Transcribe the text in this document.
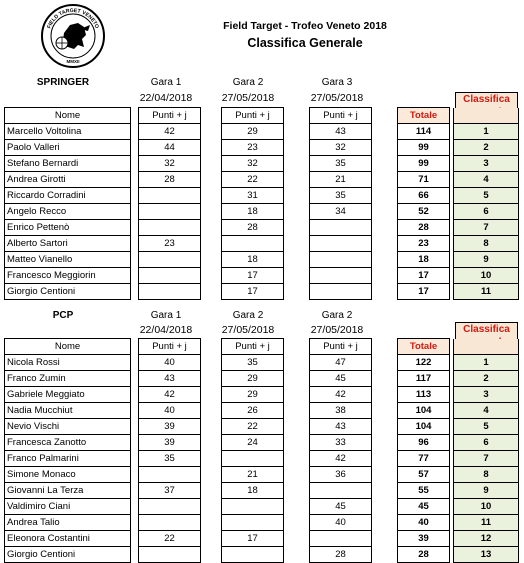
FIELD TARGET VENETO
MMXII
Field Target - Trofeo Veneto 2018
Classifica Generale
SPRINGER	Gara 1	Gara 2	Gara 3
22/04/2018	27/05/2018	27/05/2018	Classifica
Nome		Punti + j		Punti + j		Punti + j		Totale		
Marcello Voltolina		42		29		43		114		1
Paolo Valleri		44		23		32		99		2
Stefano Bernardi		32		32		35		99		3
Andrea Girotti		28		22		21		71		4
Riccardo Corradini				31		35		66		5
Angelo Recco				18		34		52		6
Enrico Pettenò				28				28		7
Alberto Sartori		23						23		8
Matteo Vianello				18				18		9
Francesco Meggiorin				17				17		10
Giorgio Centioni				17				17		11
PCP	Gara 1	Gara 2	Gara 2
22/04/2018	27/05/2018	27/05/2018	Classifica
Nome		Punti + j		Punti + j		Punti + j		Totale		
Nicola Rossi		40		35		47		122		1
Franco Zumin		43		29		45		117		2
Gabriele Meggiato		42		29		42		113		3
Nadia Mucchiut		40		26		38		104		4
Nevio Vischi		39		22		43		104		5
Francesca Zanotto		39		24		33		96		6
Franco Palmarini		35				42		77		7
Simone Monaco				21		36		57		8
Giovanni La Terza		37		18				55		9
Valdimiro Ciani						45		45		10
Andrea Talio						40		40		11
Eleonora Costantini		22		17				39		12
Giorgio Centioni						28		28		13
